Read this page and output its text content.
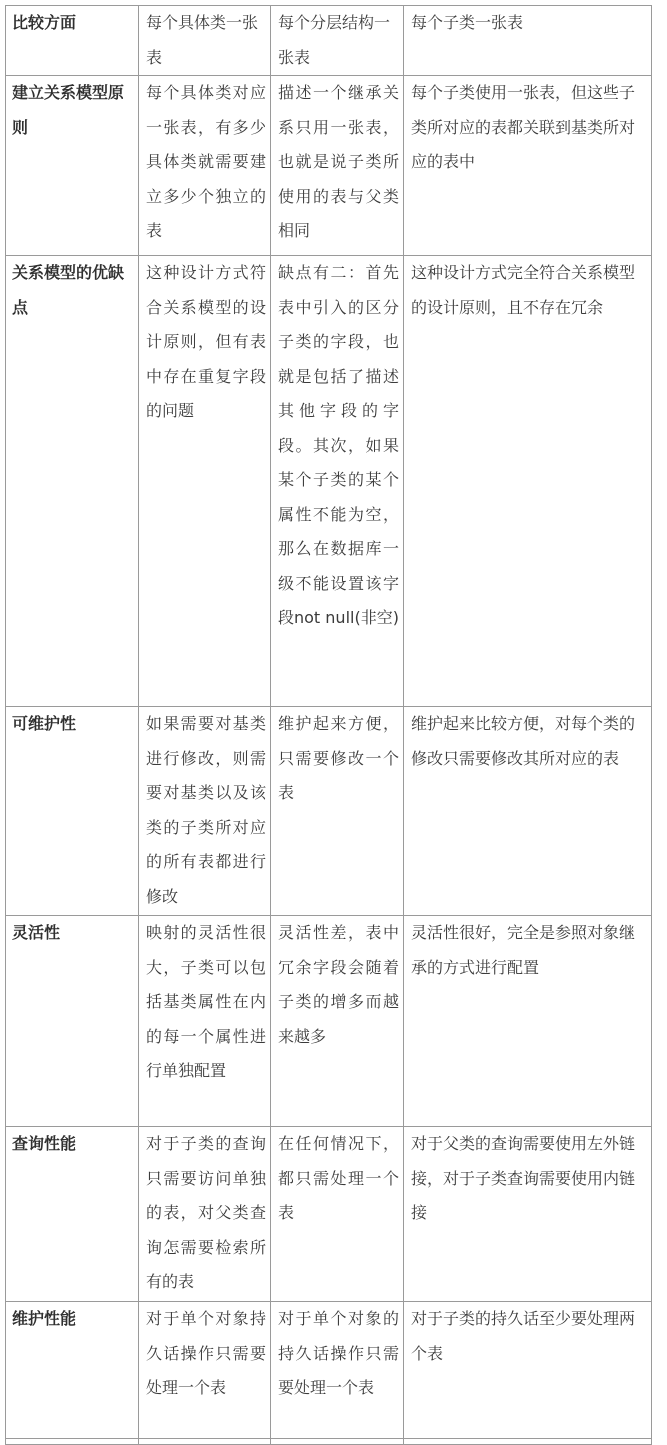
比较方面	每个具体类一张表	每个分层结构一张表	每个子类一张表
建立关系模型原则	每个具体类对应一张表，有多少具体类就需要建立多少个独立的表	描述一个继承关系只用一张表，也就是说子类所使用的表与父类相同	每个子类使用一张表，但这些子类所对应的表都关联到基类所对应的表中
关系模型的优缺点	这种设计方式符合关系模型的设计原则，但有表中存在重复字段的问题	缺点有二：首先表中引入的区分子类的字段，也就是包括了描述其他字段的字段。其次，如果某个子类的某个属性不能为空，那么在数据库一级不能设置该字段not null(非空)	这种设计方式完全符合关系模型的设计原则，且不存在冗余
可维护性	如果需要对基类进行修改，则需要对基类以及该类的子类所对应的所有表都进行修改	维护起来方便，只需要修改一个表	维护起来比较方便，对每个类的修改只需要修改其所对应的表
灵活性	映射的灵活性很大，子类可以包括基类属性在内的每一个属性进行单独配置	灵活性差，表中冗余字段会随着子类的增多而越来越多	灵活性很好，完全是参照对象继承的方式进行配置
查询性能	对于子类的查询只需要访问单独的表，对父类查询怎需要检索所有的表	在任何情况下，都只需处理一个表	对于父类的查询需要使用左外链接，对于子类查询需要使用内链接
维护性能	对于单个对象持久话操作只需要处理一个表	对于单个对象的持久话操作只需要处理一个表	对于子类的持久话至少要处理两个表
